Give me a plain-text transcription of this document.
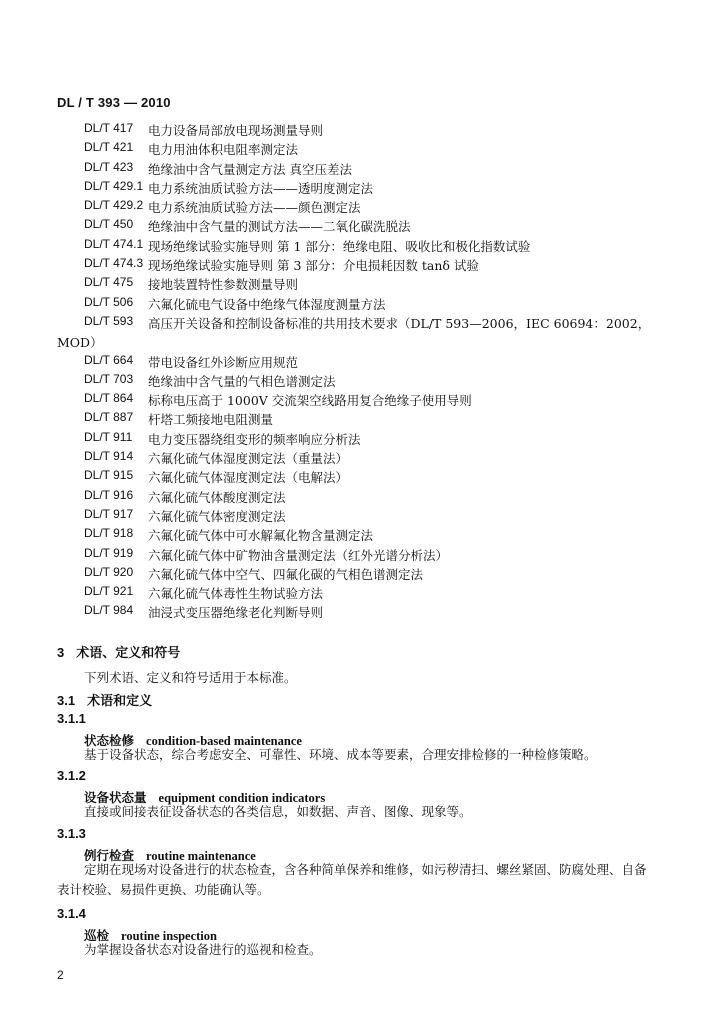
DL / T 393 — 2010
DL/T 417 电力设备局部放电现场测量导则
DL/T 421 电力用油体积电阻率测定法
DL/T 423 绝缘油中含气量测定方法 真空压差法
DL/T 429.1 电力系统油质试验方法——透明度测定法
DL/T 429.2 电力系统油质试验方法——颜色测定法
DL/T 450 绝缘油中含气量的测试方法——二氧化碳洗脱法
DL/T 474.1 现场绝缘试验实施导则 第 1 部分：绝缘电阻、吸收比和极化指数试验
DL/T 474.3 现场绝缘试验实施导则 第 3 部分：介电损耗因数 tanδ 试验
DL/T 475 接地装置特性参数测量导则
DL/T 506 六氟化硫电气设备中绝缘气体湿度测量方法
DL/T 593 高压开关设备和控制设备标准的共用技术要求（DL/T 593—2006，IEC 60694：2002，
MOD）
DL/T 664 带电设备红外诊断应用规范
DL/T 703 绝缘油中含气量的气相色谱测定法
DL/T 864 标称电压高于 1000V 交流架空线路用复合绝缘子使用导则
DL/T 887 杆塔工频接地电阻测量
DL/T 911 电力变压器绕组变形的频率响应分析法
DL/T 914 六氟化硫气体湿度测定法（重量法）
DL/T 915 六氟化硫气体湿度测定法（电解法）
DL/T 916 六氟化硫气体酸度测定法
DL/T 917 六氟化硫气体密度测定法
DL/T 918 六氟化硫气体中可水解氟化物含量测定法
DL/T 919 六氟化硫气体中矿物油含量测定法（红外光谱分析法）
DL/T 920 六氟化硫气体中空气、四氟化碳的气相色谱测定法
DL/T 921 六氟化硫气体毒性生物试验方法
DL/T 984 油浸式变压器绝缘老化判断导则
3 术语、定义和符号
下列术语、定义和符号适用于本标准。
3.1 术语和定义
3.1.1
状态检修 condition-based maintenance
基于设备状态，综合考虑安全、可靠性、环境、成本等要素，合理安排检修的一种检修策略。
3.1.2
设备状态量 equipment condition indicators
直接或间接表征设备状态的各类信息，如数据、声音、图像、现象等。
3.1.3
例行检查 routine maintenance
定期在现场对设备进行的状态检查，含各种简单保养和维修，如污秽清扫、螺丝紧固、防腐处理、自备表计校验、易损件更换、功能确认等。
3.1.4
巡检 routine inspection
为掌握设备状态对设备进行的巡视和检查。
2
